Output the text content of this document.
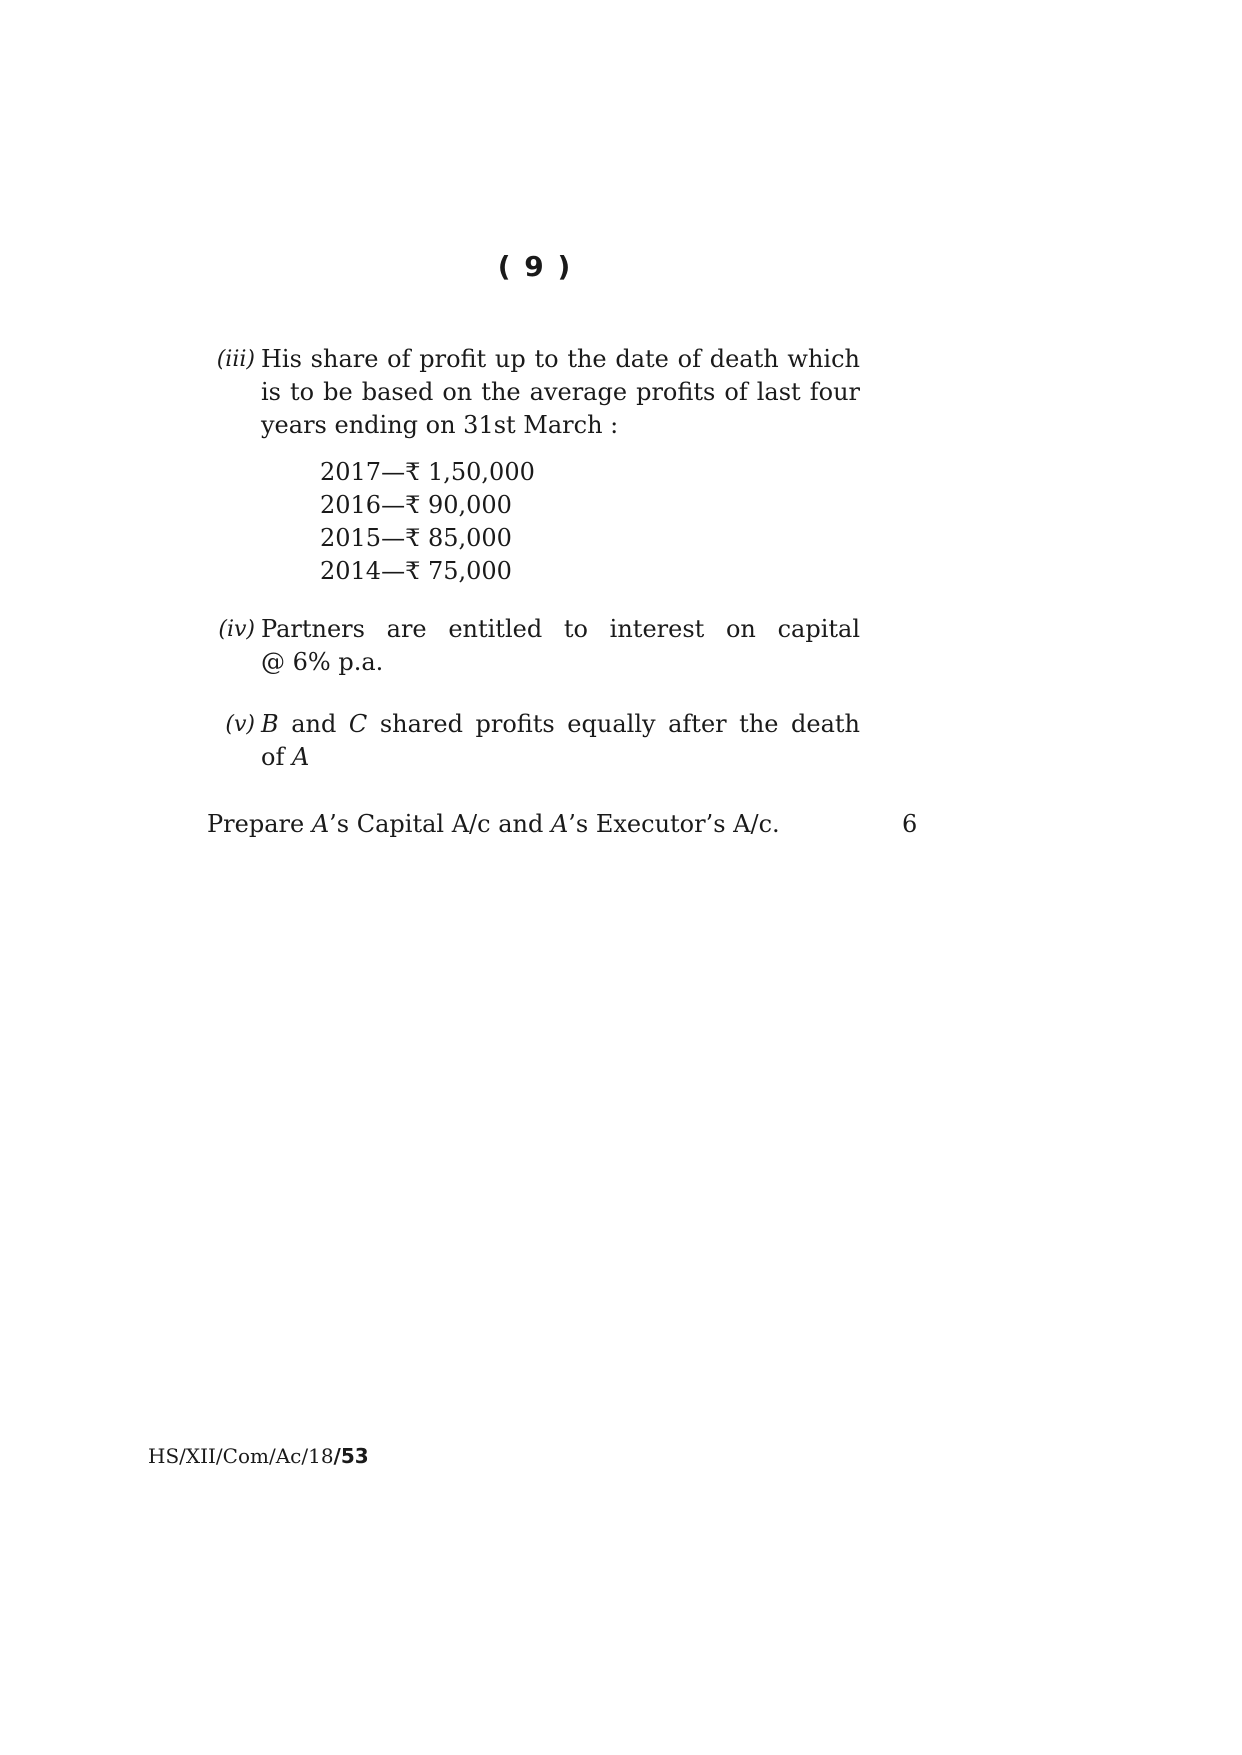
( 9 )
(iii) His share of profit up to the date of death which
is to be based on the average profits of last four
years ending on 31st March :
2017—₹ 1,50,000
2016—₹ 90,000
2015—₹ 85,000
2014—₹ 75,000
(iv) Partners are entitled to interest on capital
@ 6% p.a.
(v) B and C shared profits equally after the death
of A
Prepare A’s Capital A/c and A’s Executor’s A/c.	6
HS/XII/Com/Ac/18/53
